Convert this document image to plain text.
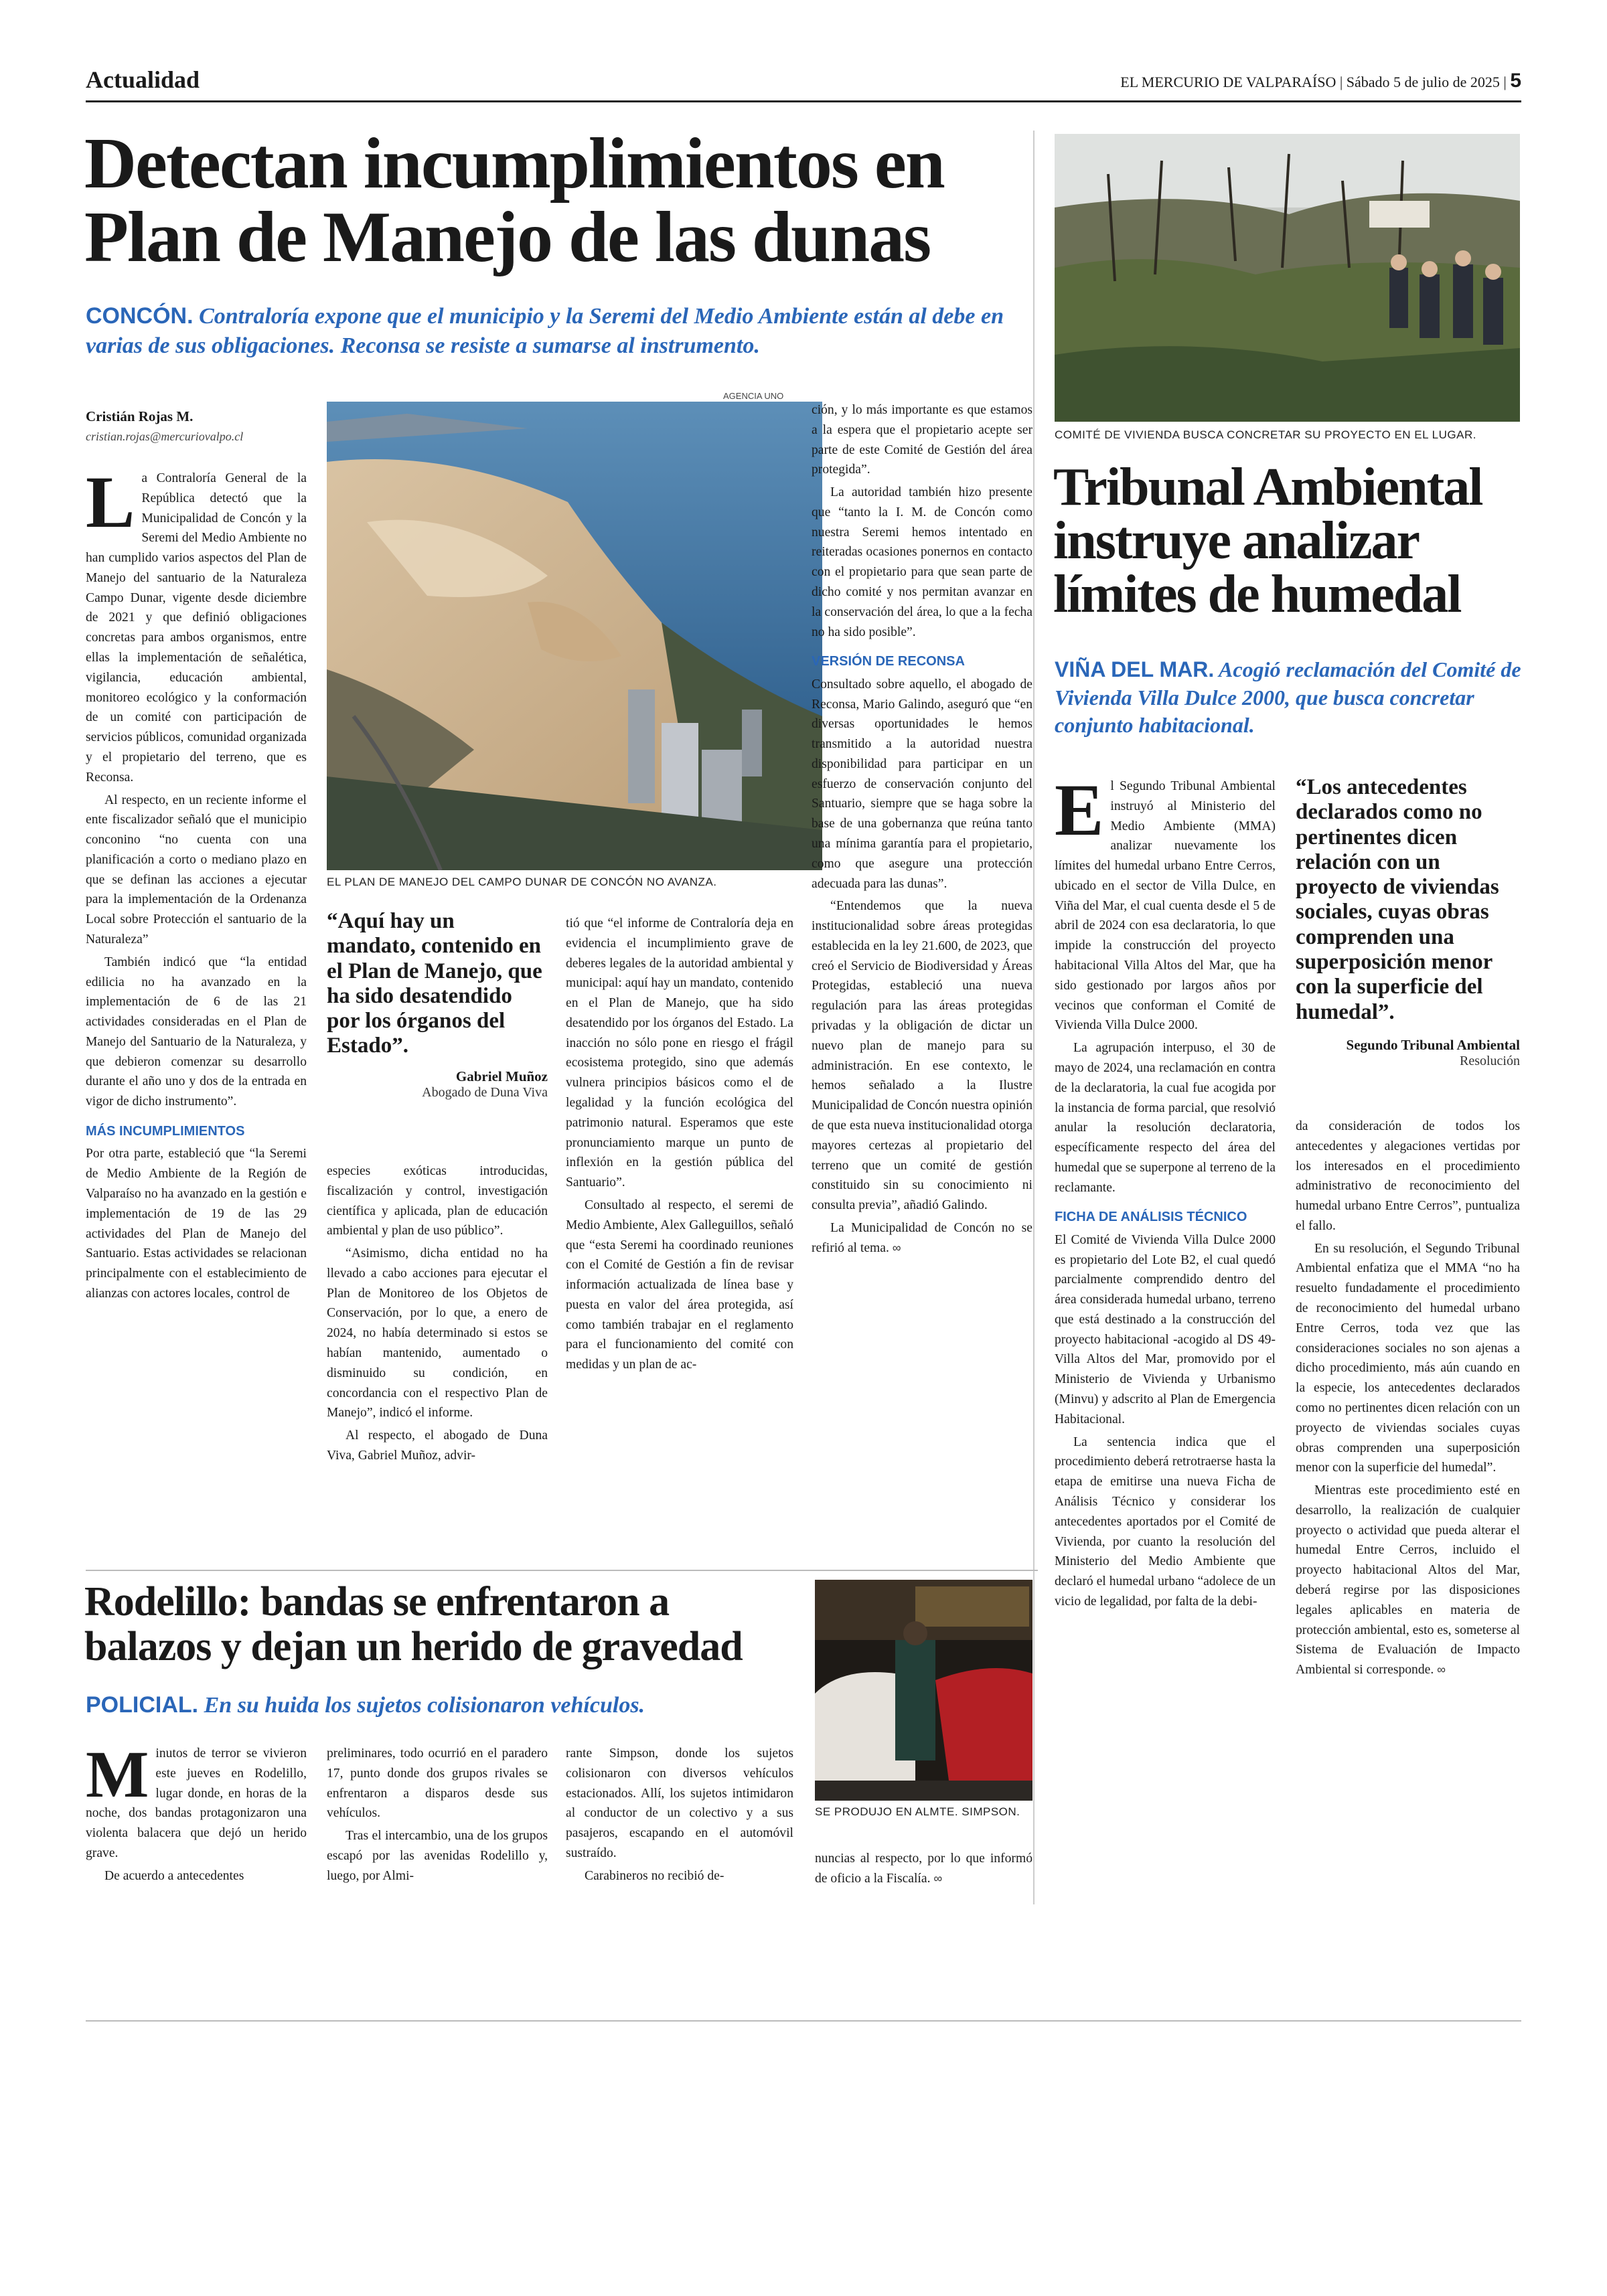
Actualidad	EL MERCURIO DE VALPARAÍSO | Sábado 5 de julio de 2025 | 5
Detectan incumplimientos en
Plan de Manejo de las dunas

CONCÓN. Contraloría expone que el municipio y la Seremi del Medio Ambiente están al debe en varias de sus obligaciones. Reconsa se resiste a sumarse al instrumento.

Cristián Rojas M.
cristian.rojas@mercuriovalpo.cl
AGENCIA UNO
EL PLAN DE MANEJO DEL CAMPO DUNAR DE CONCÓN NO AVANZA.

La Contraloría General de la República detectó que la Municipalidad de Concón y la Seremi del Medio Ambiente no han cumplido varios aspectos del Plan de Manejo del santuario de la Naturaleza Campo Dunar, vigente desde diciembre de 2021 y que definió obligaciones concretas para ambos organismos, entre ellas la implementación de señalética, vigilancia, educación ambiental, monitoreo ecológico y la conformación de un comité con participación de servicios públicos, comunidad organizada y el propietario del terreno, que es Reconsa.

Al respecto, en un reciente informe el ente fiscalizador señaló que el municipio conconino “no cuenta con una planificación a corto o mediano plazo en que se definan las acciones a ejecutar para la implementación de la Ordenanza Local sobre Protección el santuario de la Naturaleza”

También indicó que “la entidad edilicia no ha avanzado en la implementación de 6 de las 21 actividades consideradas en el Plan de Manejo del Santuario de la Naturaleza, y que debieron comenzar su desarrollo durante el año uno y dos de la entrada en vigor de dicho instrumento”.

MÁS INCUMPLIMIENTOS

Por otra parte, estableció que “la Seremi de Medio Ambiente de la Región de Valparaíso no ha avanzado en la gestión e implementación de 19 de las 29 actividades del Plan de Manejo del Santuario. Estas actividades se relacionan principalmente con el establecimiento de alianzas con actores locales, control de

“Aquí hay un mandato, contenido en el Plan de Manejo, que ha sido desatendido por los órganos del Estado”.
Gabriel Muñoz
Abogado de Duna Viva

especies exóticas introducidas, fiscalización y control, investigación científica y aplicada, plan de educación ambiental y plan de uso público”.

“Asimismo, dicha entidad no ha llevado a cabo acciones para ejecutar el Plan de Monitoreo de los Objetos de Conservación, por lo que, a enero de 2024, no había determinado si estos se habían mantenido, aumentado o disminuido su condición, en concordancia con el respectivo Plan de Manejo”, indicó el informe.

Al respecto, el abogado de Duna Viva, Gabriel Muñoz, advir-

tió que “el informe de Contraloría deja en evidencia el incumplimiento grave de deberes legales de la autoridad ambiental y municipal: aquí hay un mandato, contenido en el Plan de Manejo, que ha sido desatendido por los órganos del Estado. La inacción no sólo pone en riesgo el frágil ecosistema protegido, sino que además vulnera principios básicos como el de legalidad y la función ecológica del patrimonio natural. Esperamos que este pronunciamiento marque un punto de inflexión en la gestión pública del Santuario”.

Consultado al respecto, el seremi de Medio Ambiente, Alex Galleguillos, señaló que “esta Seremi ha coordinado reuniones con el Comité de Gestión a fin de revisar información actualizada de línea base y puesta en valor del área protegida, así como también trabajar en el reglamento para el funcionamiento del comité con medidas y un plan de ac-

ción, y lo más importante es que estamos a la espera que el propietario acepte ser parte de este Comité de Gestión del área protegida”.

La autoridad también hizo presente que “tanto la I. M. de Concón como nuestra Seremi hemos intentado en reiteradas ocasiones ponernos en contacto con el propietario para que sean parte de dicho comité y nos permitan avanzar en la conservación del área, lo que a la fecha no ha sido posible”.

VERSIÓN DE RECONSA

Consultado sobre aquello, el abogado de Reconsa, Mario Galindo, aseguró que “en diversas oportunidades le hemos transmitido a la autoridad nuestra disponibilidad para participar en un esfuerzo de conservación conjunto del Santuario, siempre que se haga sobre la base de una gobernanza que reúna tanto una mínima garantía para el propietario, como que asegure una protección adecuada para las dunas”.

“Entendemos que la nueva institucionalidad sobre áreas protegidas establecida en la ley 21.600, de 2023, que creó el Servicio de Biodiversidad y Áreas Protegidas, estableció una nueva regulación para las áreas protegidas privadas y la obligación de dictar un nuevo plan de manejo para su administración. En ese contexto, le hemos señalado a la Ilustre Municipalidad de Concón nuestra opinión de que esta nueva institucionalidad otorga mayores certezas al propietario del terreno que un comité de gestión constituido sin su conocimiento ni consulta previa”, añadió Galindo.

La Municipalidad de Concón no se refirió al tema. ∞

COMITÉ DE VIVIENDA BUSCA CONCRETAR SU PROYECTO EN EL LUGAR.
Tribunal Ambiental
instruye analizar
límites de humedal

VIÑA DEL MAR. Acogió reclamación del Comité de Vivienda Villa Dulce 2000, que busca concretar conjunto habitacional.

El Segundo Tribunal Ambiental instruyó al Ministerio del Medio Ambiente (MMA) analizar nuevamente los límites del humedal urbano Entre Cerros, ubicado en el sector de Villa Dulce, en Viña del Mar, el cual cuenta desde el 5 de abril de 2024 con esa declaratoria, lo que impide la construcción del proyecto habitacional Villa Altos del Mar, que ha sido gestionado por largos años por vecinos que conforman el Comité de Vivienda Villa Dulce 2000.

La agrupación interpuso, el 30 de mayo de 2024, una reclamación en contra de la declaratoria, la cual fue acogida por la instancia de forma parcial, que resolvió anular la resolución declaratoria, específicamente respecto del área del humedal que se superpone al terreno de la reclamante.

FICHA DE ANÁLISIS TÉCNICO

El Comité de Vivienda Villa Dulce 2000 es propietario del Lote B2, el cual quedó parcialmente comprendido dentro del área considerada humedal urbano, terreno que está destinado a la construcción del proyecto habitacional -acogido al DS 49- Villa Altos del Mar, promovido por el Ministerio de Vivienda y Urbanismo (Minvu) y adscrito al Plan de Emergencia Habitacional.

La sentencia indica que el procedimiento deberá retrotraerse hasta la etapa de emitirse una nueva Ficha de Análisis Técnico y considerar los antecedentes aportados por el Comité de Vivienda, por cuanto la resolución del Ministerio del Medio Ambiente que declaró el humedal urbano “adolece de un vicio de legalidad, por falta de la debi-

“Los antecedentes declarados como no pertinentes dicen relación con un proyecto de viviendas sociales, cuyas obras comprenden una superposición menor con la superficie del humedal”.
Segundo Tribunal Ambiental
Resolución

da consideración de todos los antecedentes y alegaciones vertidas por los interesados en el procedimiento administrativo de reconocimiento del humedal urbano Entre Cerros”, puntualiza el fallo.

En su resolución, el Segundo Tribunal Ambiental enfatiza que el MMA “no ha resuelto fundadamente el procedimiento de reconocimiento del humedal urbano Entre Cerros, toda vez que las consideraciones sociales no son ajenas a dicho procedimiento, más aún cuando en la especie, los antecedentes declarados como no pertinentes dicen relación con un proyecto de viviendas sociales cuyas obras comprenden una superposición menor con la superficie del humedal”.

Mientras este procedimiento esté en desarrollo, la realización de cualquier proyecto o actividad que pueda alterar el humedal Entre Cerros, incluido el proyecto habitacional Altos del Mar, deberá regirse por las disposiciones legales aplicables en materia de protección ambiental, esto es, someterse al Sistema de Evaluación de Impacto Ambiental si corresponde. ∞

Rodelillo: bandas se enfrentaron a
balazos y dejan un herido de gravedad

POLICIAL. En su huida los sujetos colisionaron vehículos.

SE PRODUJO EN ALMTE. SIMPSON.

Minutos de terror se vivieron este jueves en Rodelillo, lugar donde, en horas de la noche, dos bandas protagonizaron una violenta balacera que dejó un herido grave.

De acuerdo a antecedentes

preliminares, todo ocurrió en el paradero 17, punto donde dos grupos rivales se enfrentaron a disparos desde sus vehículos.

Tras el intercambio, una de los grupos escapó por las avenidas Rodelillo y, luego, por Almi-

rante Simpson, donde los sujetos colisionaron con diversos vehículos estacionados. Allí, los sujetos intimidaron al conductor de un colectivo y a sus pasajeros, escapando en el automóvil sustraído.

Carabineros no recibió de-

nuncias al respecto, por lo que informó de oficio a la Fiscalía. ∞
